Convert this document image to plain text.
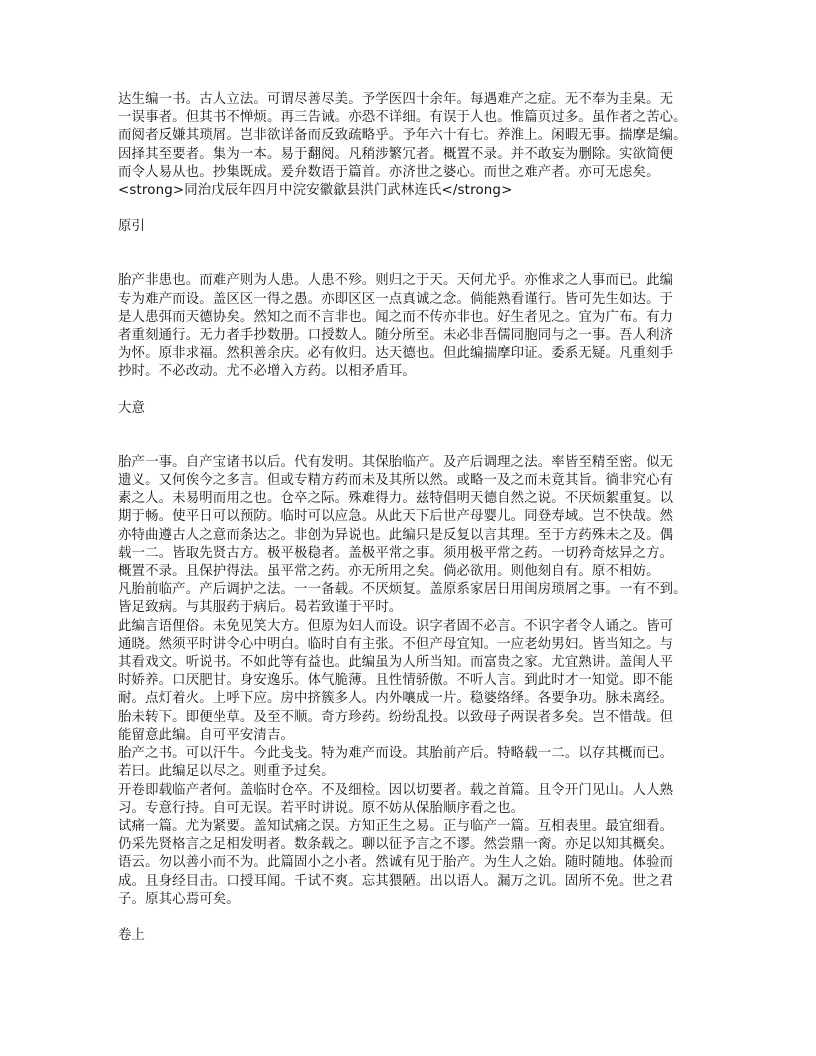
达生编一书。古人立法。可谓尽善尽美。予学医四十余年。每遇难产之症。无不奉为圭臬。无
一误事者。但其书不惮烦。再三告诫。亦恐不详细。有误于人也。惟篇页过多。虽作者之苦心。
而阅者反嫌其琐屑。岂非欲详备而反致疏略乎。予年六十有七。养淮上。闲暇无事。揣摩是编。
因择其至要者。集为一本。易于翻阅。凡稍涉繁冗者。概置不录。并不敢妄为删除。实欲简便
而令人易从也。抄集既成。爰弁数语于篇首。亦济世之婆心。而世之难产者。亦可无虑矣。
<strong>同治戊辰年四月中浣安徽歙县洪门武林连氏</strong>
原引
胎产非患也。而难产则为人患。人患不殄。则归之于天。天何尤乎。亦惟求之人事而已。此编
专为难产而设。盖区区一得之愚。亦即区区一点真诚之念。倘能熟看谨行。皆可先生如达。于
是人患弭而天德协矣。然知之而不言非也。闻之而不传亦非也。好生者见之。宜为广布。有力
者重刻通行。无力者手抄数册。口授数人。随分所至。未必非吾儒同胞同与之一事。吾人利济
为怀。原非求福。然积善余庆。必有攸归。达天德也。但此编揣摩印证。委系无疑。凡重刻手
抄时。不必改动。尤不必增入方药。以相矛盾耳。
大意
胎产一事。自产宝诸书以后。代有发明。其保胎临产。及产后调理之法。率皆至精至密。似无
遗义。又何俟今之多言。但或专精方药而未及其所以然。或略一及之而未竟其旨。徜非究心有
素之人。未易明而用之也。仓卒之际。殊难得力。兹特倡明天德自然之说。不厌烦絮重复。以
期于畅。使平日可以预防。临时可以应急。从此天下后世产母婴儿。同登寿域。岂不快哉。然
亦特曲遵古人之意而条达之。非创为异说也。此编只是反复以言其理。至于方药殊未之及。偶
载一二。皆取先贤古方。极平极稳者。盖极平常之事。须用极平常之药。一切矜奇炫异之方。
概置不录。且保护得法。虽平常之药。亦无所用之矣。倘必欲用。则他刻自有。原不相妨。
凡胎前临产。产后调护之法。一一备载。不厌烦复。盖原系家居日用闺房琐屑之事。一有不到。
皆足致病。与其服药于病后。曷若致谨于平时。
此编言语俚俗。未免见笑大方。但原为妇人而设。识字者固不必言。不识字者令人诵之。皆可
通晓。然须平时讲令心中明白。临时自有主张。不但产母宜知。一应老幼男妇。皆当知之。与
其看戏文。听说书。不如此等有益也。此编虽为人所当知。而富贵之家。尤宜熟讲。盖闺人平
时娇养。口厌肥甘。身安逸乐。体气脆薄。且性情骄傲。不听人言。到此时才一知觉。即不能
耐。点灯着火。上呼下应。房中挤簇多人。内外嚷成一片。稳婆络绎。各要争功。脉未离经。
胎未转下。即便坐草。及至不顺。奇方珍药。纷纷乱投。以致母子两误者多矣。岂不惜哉。但
能留意此编。自可平安清吉。
胎产之书。可以汗牛。今此戋戋。特为难产而设。其胎前产后。特略载一二。以存其概而已。
若曰。此编足以尽之。则重予过矣。
开卷即载临产者何。盖临时仓卒。不及细检。因以切要者。载之首篇。且令开门见山。人人熟
习。专意行持。自可无误。若平时讲说。原不妨从保胎顺序看之也。
试痛一篇。尤为紧要。盖知试痛之误。方知正生之易。正与临产一篇。互相表里。最宜细看。
仍采先贤格言之足相发明者。数条载之。聊以征予言之不谬。然尝鼎一脔。亦足以知其概矣。
语云。勿以善小而不为。此篇固小之小者。然诚有见于胎产。为生人之始。随时随地。体验而
成。且身经目击。口授耳闻。千试不爽。忘其猥陋。出以语人。漏万之讥。固所不免。世之君
子。原其心焉可矣。
卷上
